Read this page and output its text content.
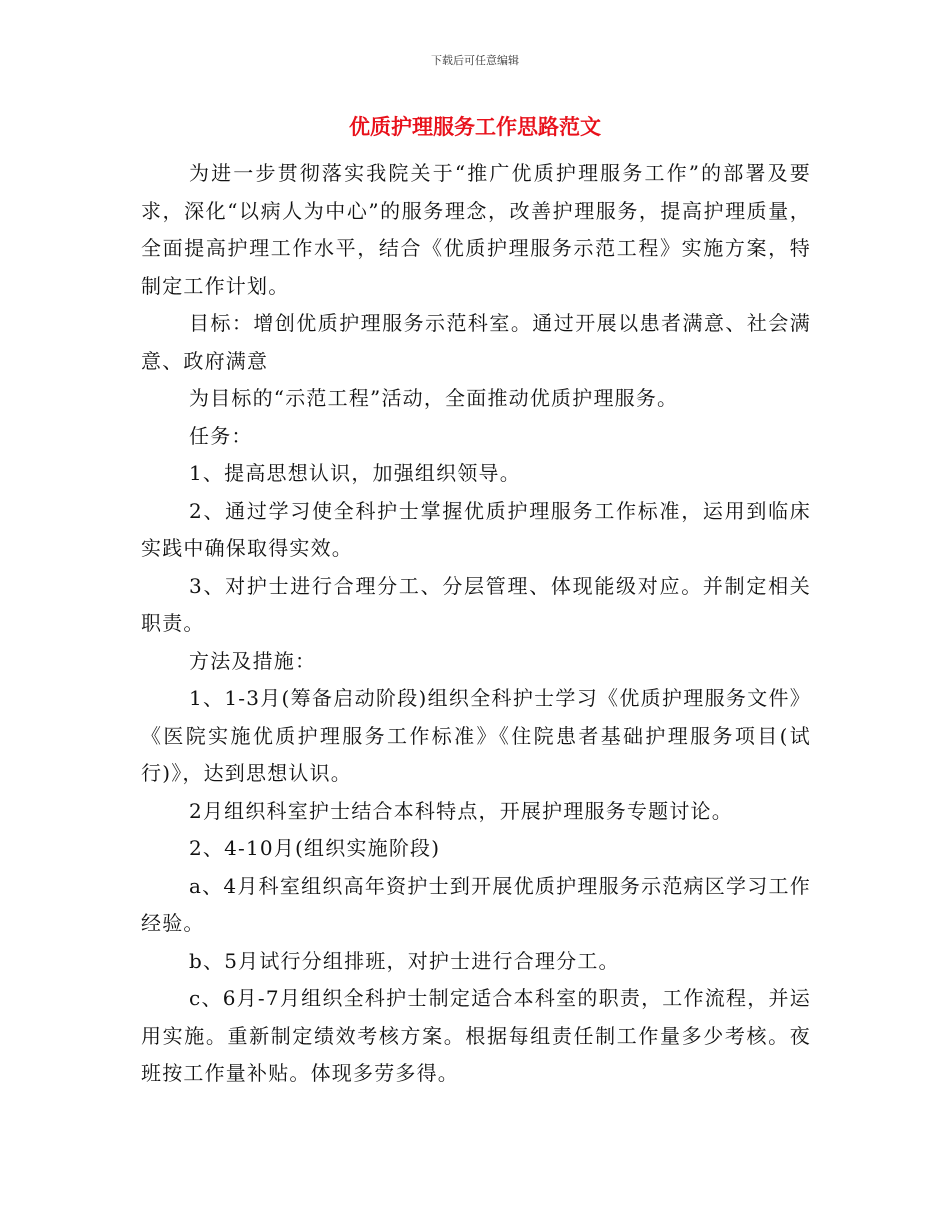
下载后可任意编辑
优质护理服务工作思路范文

为进一步贯彻落实我院关于“推广优质护理服务工作”的部署及要求，深化“以病人为中心”的服务理念，改善护理服务，提高护理质量，全面提高护理工作水平，结合《优质护理服务示范工程》实施方案，特制定工作计划。

目标：增创优质护理服务示范科室。通过开展以患者满意、社会满意、政府满意

为目标的“示范工程”活动，全面推动优质护理服务。

任务：

1、提高思想认识，加强组织领导。

2、通过学习使全科护士掌握优质护理服务工作标准，运用到临床实践中确保取得实效。

3、对护士进行合理分工、分层管理、体现能级对应。并制定相关职责。

方法及措施：

1、1-3月(筹备启动阶段)组织全科护士学习《优质护理服务文件》《医院实施优质护理服务工作标准》《住院患者基础护理服务项目(试行)》，达到思想认识。

2月组织科室护士结合本科特点，开展护理服务专题讨论。

2、4-10月(组织实施阶段)

a、4月科室组织高年资护士到开展优质护理服务示范病区学习工作经验。

b、5月试行分组排班，对护士进行合理分工。

c、6月-7月组织全科护士制定适合本科室的职责，工作流程，并运用实施。重新制定绩效考核方案。根据每组责任制工作量多少考核。夜班按工作量补贴。体现多劳多得。
